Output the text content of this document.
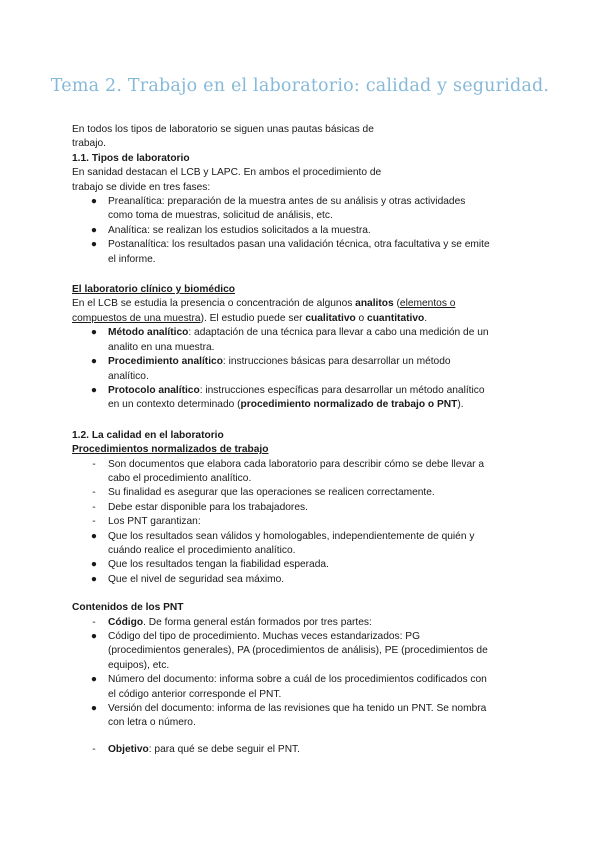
Tema 2. Trabajo en el laboratorio: calidad y seguridad.

En todos los tipos de laboratorio se siguen unas pautas básicas de

trabajo.

1.1. Tipos de laboratorio

En sanidad destacan el LCB y LAPC. En ambos el procedimiento de

trabajo se divide en tres fases:

● Preanalítica: preparación de la muestra antes de su análisis y otras actividades
como toma de muestras, solicitud de análisis, etc.
● Analítica: se realizan los estudios solicitados a la muestra.
● Postanalítica: los resultados pasan una validación técnica, otra facultativa y se emite
el informe.

El laboratorio clínico y biomédico

En el LCB se estudia la presencia o concentración de algunos analitos (elementos o

compuestos de una muestra). El estudio puede ser cualitativo o cuantitativo.

● Método analítico: adaptación de una técnica para llevar a cabo una medición de un
analito en una muestra.
● Procedimiento analítico: instrucciones básicas para desarrollar un método
analítico.
● Protocolo analítico: instrucciones específicas para desarrollar un método analítico
en un contexto determinado (procedimiento normalizado de trabajo o PNT).

1.2. La calidad en el laboratorio

Procedimientos normalizados de trabajo

-	Son documentos que elabora cada laboratorio para describir cómo se debe llevar a
cabo el procedimiento analítico.
-	Su finalidad es asegurar que las operaciones se realicen correctamente.
-	Debe estar disponible para los trabajadores.
-	Los PNT garantizan:
● Que los resultados sean válidos y homologables, independientemente de quién y
cuándo realice el procedimiento analítico.
● Que los resultados tengan la fiabilidad esperada.
● Que el nivel de seguridad sea máximo.

Contenidos de los PNT

-	Código. De forma general están formados por tres partes:
● Código del tipo de procedimiento. Muchas veces estandarizados: PG
(procedimientos generales), PA (procedimientos de análisis), PE (procedimientos de
equipos), etc.
● Número del documento: informa sobre a cuál de los procedimientos codificados con
el código anterior corresponde el PNT.
● Versión del documento: informa de las revisiones que ha tenido un PNT. Se nombra
con letra o número.
-	Objetivo: para qué se debe seguir el PNT.
